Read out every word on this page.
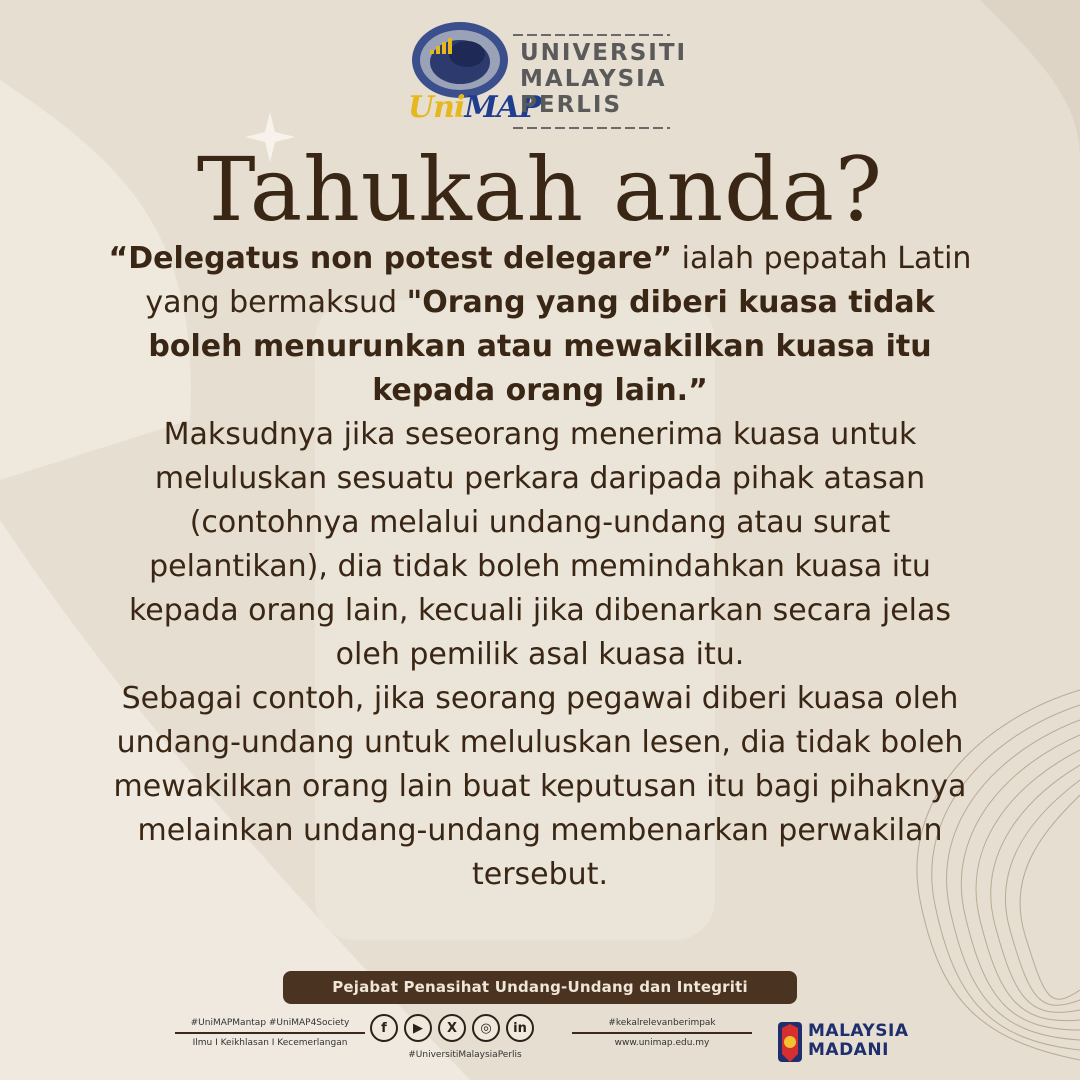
UniMAP
UNIVERSITI
MALAYSIA
PERLIS
Tahukah anda?

“Delegatus non potest delegare” ialah pepatah Latin yang bermaksud "Orang yang diberi kuasa tidak boleh menurunkan atau mewakilkan kuasa itu kepada orang lain.”

Maksudnya jika seseorang menerima kuasa untuk meluluskan sesuatu perkara daripada pihak atasan (contohnya melalui undang-undang atau surat pelantikan), dia tidak boleh memindahkan kuasa itu kepada orang lain, kecuali jika dibenarkan secara jelas oleh pemilik asal kuasa itu.

Sebagai contoh, jika seorang pegawai diberi kuasa oleh undang-undang untuk meluluskan lesen, dia tidak boleh mewakilkan orang lain buat keputusan itu bagi pihaknya melainkan undang-undang membenarkan perwakilan tersebut.

Pejabat Penasihat Undang-Undang dan Integriti
#UniMAPMantap #UniMAP4Society
Ilmu I Keikhlasan I Kecemerlangan
f	▶	X	◎	in
#UniversitiMalaysiaPerlis
#kekalrelevanberimpak
www.unimap.edu.my
MALAYSIA
MADANI
